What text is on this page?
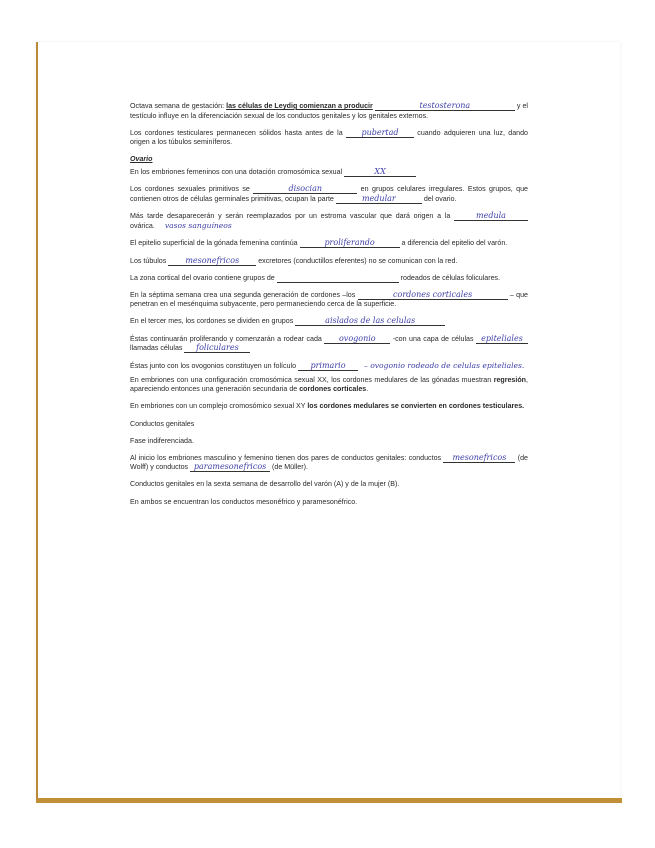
Octava semana de gestación: las células de Leydig comienzan a producir	testosterona	y el testículo influye en la diferenciación sexual de los conductos genitales y los genitales externos.

Los cordones testiculares permanecen sólidos hasta antes de la pubertad cuando adquieren una luz, dando origen a los túbulos seminíferos.

Ovario

En los embriones femeninos con una dotación cromosómica sexual	XX

Los cordones sexuales primitivos se	disocian	en grupos celulares irregulares. Estos grupos, que contienen otros de células germinales primitivas, ocupan la parte	medular	del ovario.

Más tarde desaparecerán y serán reemplazados por un estroma vascular que dará origen a la	medula ovárica. vasos sanguíneos

El epitelio superficial de la gónada femenina continúa	proliferando	a diferencia del epitelio del varón.

Los túbulos mesonefricos excretores (conductillos eferentes) no se comunican con la red.

La zona cortical del ovario contiene grupos de	rodeados de células foliculares.

En la séptima semana crea una segunda generación de cordones –los	cordones corticales	– que penetran en el mesénquima subyacente, pero permaneciendo cerca de la superficie.

En el tercer mes, los cordones se dividen en grupos	aislados de las celulas

Éstas continuarán proliferando y comenzarán a rodear cada ovogonio -con una capa de células epiteliales llamadas células foliculares

Éstas junto con los ovogonios constituyen un folículo primario – ovogonio rodeado de celulas epiteliales.

En embriones con una configuración cromosómica sexual XX, los cordones medulares de las gónadas muestran regresión, apareciendo entonces una generación secundaria de cordones corticales.

En embriones con un complejo cromosómico sexual XY los cordones medulares se convierten en cordones testiculares.

Conductos genitales

Fase indiferenciada.

Al inicio los embriones masculino y femenino tienen dos pares de conductos genitales: conductos mesonefricos (de Wolff) y conductos paramesonefricos (de Müller).

Conductos genitales en la sexta semana de desarrollo del varón (A) y de la mujer (B).

En ambos se encuentran los conductos mesonéfrico y paramesonéfrico.
